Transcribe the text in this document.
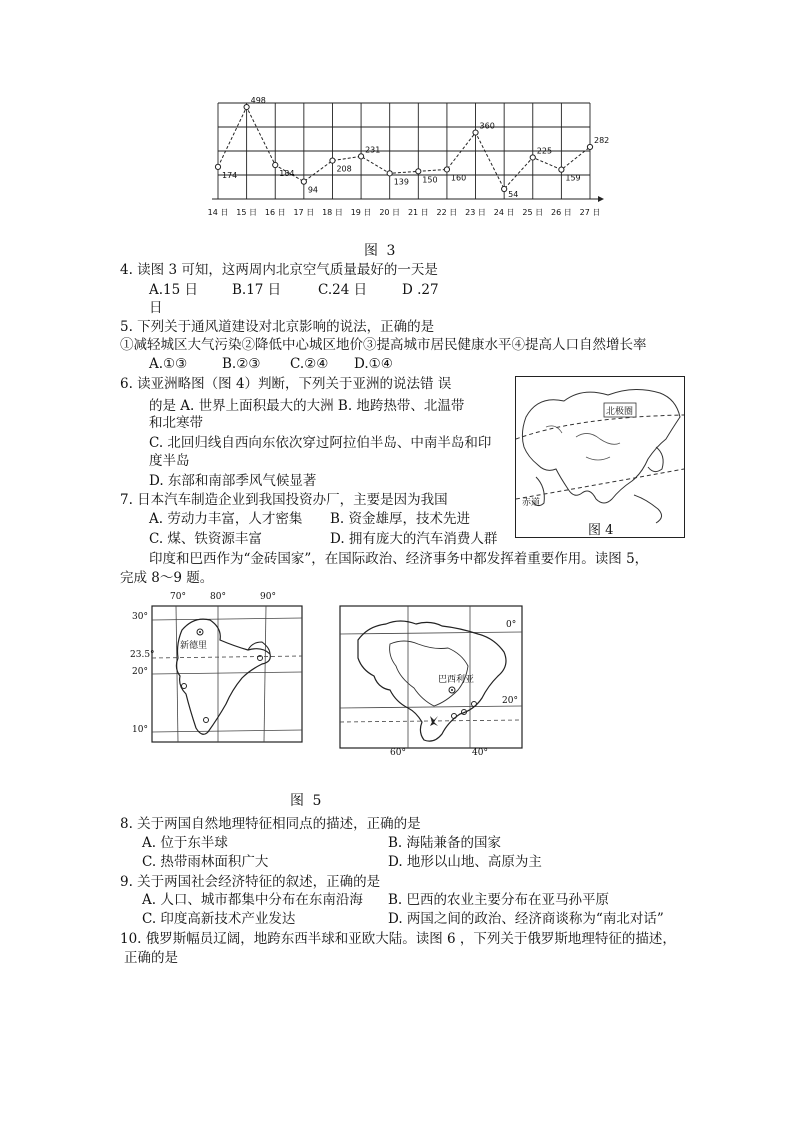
174
498
184
94
208
231
139 150 160
360
54
225
159
282
14 日 15 日 16 日 17 日 18 日 19 日 20 日 21 日 22 日 23 日 24 日 25 日 26 日 27 日
图 3
4. 读图 3 可知，这两周内北京空气质量最好的一天是
A.15 日	B.17 日	C.24 日	D .27
日
5. 下列关于通风道建设对北京影响的说法，正确的是
①减轻城区大气污染②降低中心城区地价③提高城市居民健康水平④提高人口自然增长率
A.①③	B.②③ C.②④ D.①④
6. 读亚洲略图（图 4）判断，下列关于亚洲的说法错 误
的是 A. 世界上面积最大的大洲 B. 地跨热带、北温带
和北寒带
C. 北回归线自西向东依次穿过阿拉伯半岛、中南半岛和印
度半岛
D. 东部和南部季风气候显著
北极圈
赤道
图 4
7. 日本汽车制造企业到我国投资办厂，主要是因为我国
A. 劳动力丰富，人才密集 B. 资金雄厚，技术先进
C. 煤、铁资源丰富	D. 拥有庞大的汽车消费人群
印度和巴西作为“金砖国家”，在国际政治、经济事务中都发挥着重要作用。读图 5，
完成 8～9 题。
70°	80°	90°
30°
23.5°
20°
10°
新德里
0°
20°
60°	40°
巴西利亚
图 5
8. 关于两国自然地理特征相同点的描述，正确的是
A. 位于东半球	B. 海陆兼备的国家
C. 热带雨林面积广大	D. 地形以山地、高原为主
9. 关于两国社会经济特征的叙述，正确的是
A. 人口、城市都集中分布在东南沿海 B. 巴西的农业主要分布在亚马孙平原
C. 印度高新技术产业发达	D. 两国之间的政治、经济商谈称为“南北对话”
10. 俄罗斯幅员辽阔，地跨东西半球和亚欧大陆。读图 6 ，下列关于俄罗斯地理特征的描述，
正确的是
